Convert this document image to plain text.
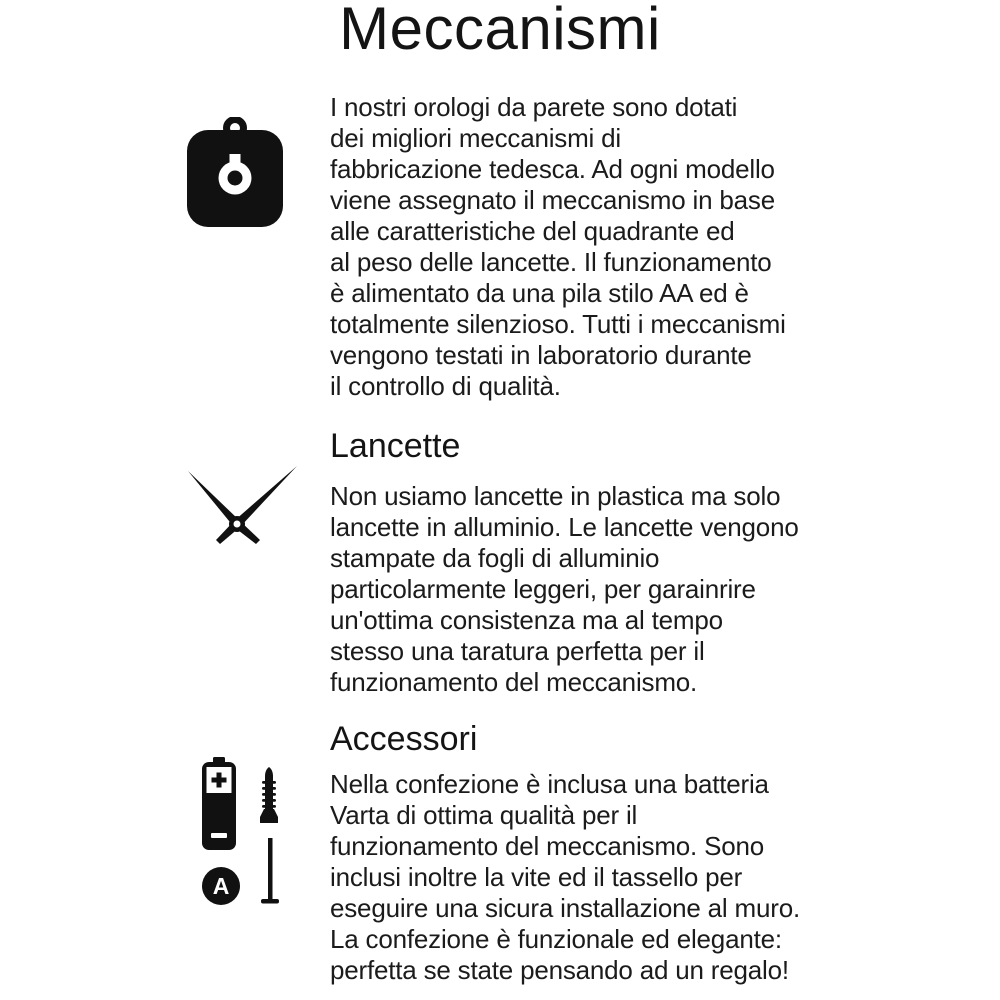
Meccanismi
I nostri orologi da parete sono dotati
dei migliori meccanismi di
fabbricazione tedesca. Ad ogni modello
viene assegnato il meccanismo in base
alle caratteristiche del quadrante ed
al peso delle lancette. Il funzionamento
è alimentato da una pila stilo AA ed è
totalmente silenzioso. Tutti i meccanismi
vengono testati in laboratorio durante
il controllo di qualità.
Lancette
Non usiamo lancette in plastica ma solo
lancette in alluminio. Le lancette vengono
stampate da fogli di alluminio
particolarmente leggeri, per garainrire
un'ottima consistenza ma al tempo
stesso una taratura perfetta per il
funzionamento del meccanismo.
Accessori
A
Nella confezione è inclusa una batteria
Varta di ottima qualità per il
funzionamento del meccanismo. Sono
inclusi inoltre la vite ed il tassello per
eseguire una sicura installazione al muro.
La confezione è funzionale ed elegante:
perfetta se state pensando ad un regalo!
